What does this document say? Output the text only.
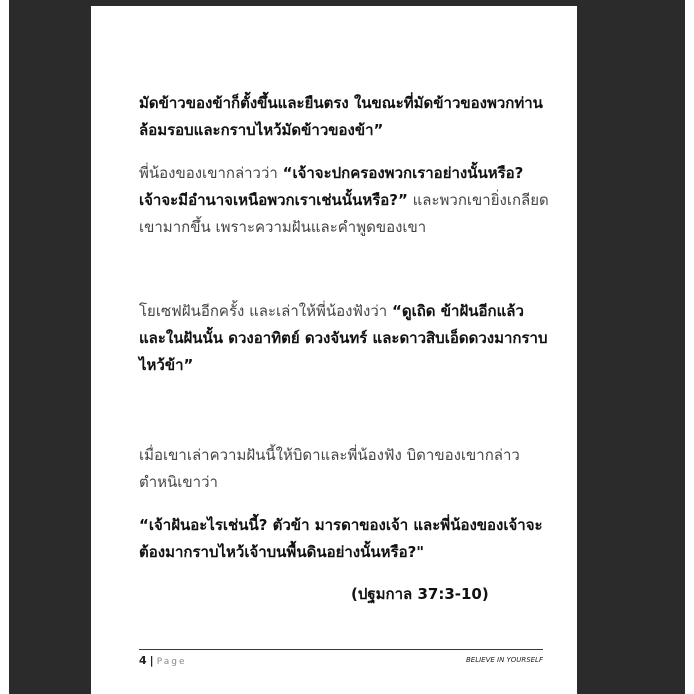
มัดข้าวของข้าก็ตั้งขึ้นและยืนตรง ในขณะที่มัดข้าวของพวกท่านล้อมรอบและกราบไหว้มัดข้าวของข้า”
พี่น้องของเขากล่าวว่า “เจ้าจะปกครองพวกเราอย่างนั้นหรือ? เจ้าจะมีอำนาจเหนือพวกเราเช่นนั้นหรือ?” และพวกเขายิ่งเกลียดเขามากขึ้น เพราะความฝันและคำพูดของเขา
โยเซฟฝันอีกครั้ง และเล่าให้พี่น้องฟังว่า “ดูเถิด ข้าฝันอีกแล้ว และในฝันนั้น ดวงอาทิตย์ ดวงจันทร์ และดาวสิบเอ็ดดวงมากราบไหว้ข้า”
เมื่อเขาเล่าความฝันนี้ให้บิดาและพี่น้องฟัง บิดาของเขากล่าวตำหนิเขาว่า
“เจ้าฝันอะไรเช่นนี้? ตัวข้า มารดาของเจ้า และพี่น้องของเจ้าจะต้องมากราบไหว้เจ้าบนพื้นดินอย่างนั้นหรือ?"
(ปฐมกาล 37:3-10)
4 | Page	BELIEVE IN YOURSELF
